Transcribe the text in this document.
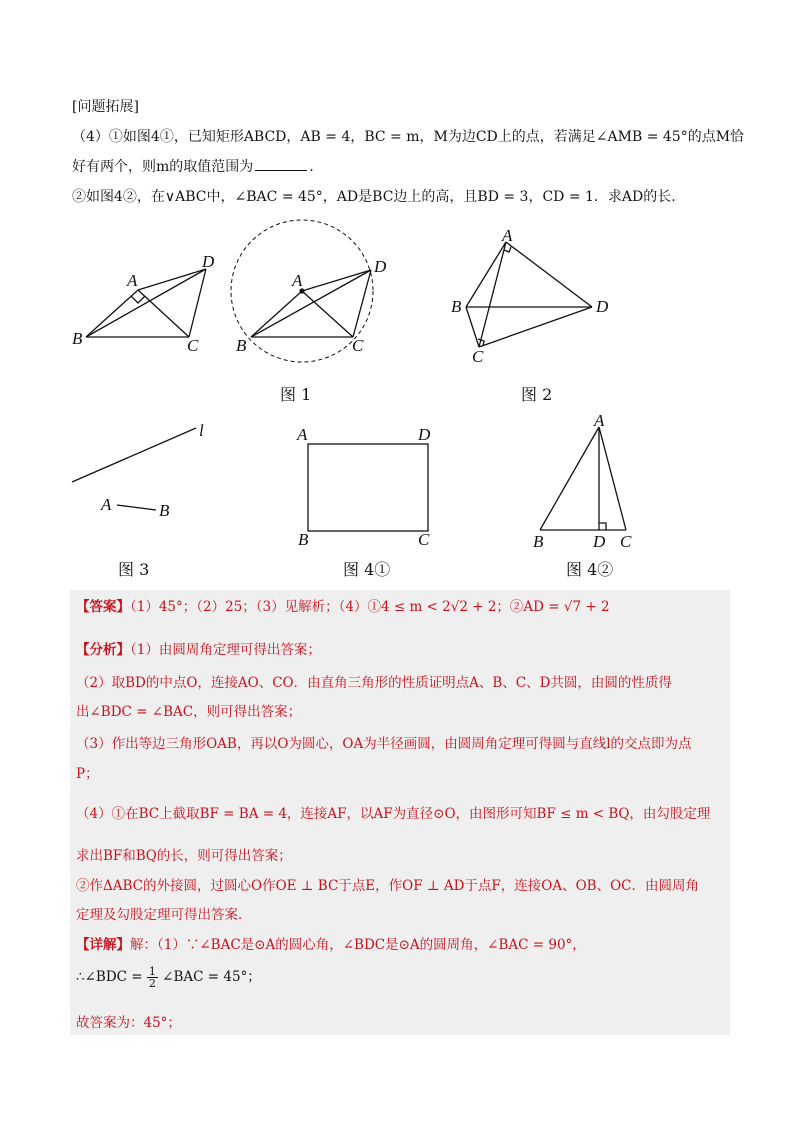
[问题拓展]
（4）①如图4①，已知矩形ABCD，AB = 4，BC = m，M为边CD上的点，若满足∠AMB = 45°的点M恰
好有两个，则m的取值范围为	.
②如图4②，在∨ABC中，∠BAC = 45°，AD是BC边上的高，且BD = 3，CD = 1．求AD的长.
A
B	C
D
A
B	C
D
A
B
C
D
图 1	图 2
l
A	B
A	D
B	C
A
B	D C
图 3	图 4①	图 4②
【答案】（1）45°；（2）25；（3）见解析；（4）①4 ≤ m < 2√2 + 2；②AD = √7 + 2
【分析】（1）由圆周角定理可得出答案；
（2）取BD的中点O，连接AO、CO．由直角三角形的性质证明点A、B、C、D共圆，由圆的性质得
出∠BDC = ∠BAC，则可得出答案；
（3）作出等边三角形OAB，再以O为圆心，OA为半径画圆，由圆周角定理可得圆与直线l的交点即为点
P；
（4）①在BC上截取BF = BA = 4，连接AF，以AF为直径⊙O，由图形可知BF ≤ m < BQ，由勾股定理
求出BF和BQ的长，则可得出答案；
②作ΔABC的外接圆，过圆心O作OE ⊥ BC于点E，作OF ⊥ AD于点F，连接OA、OB、OC．由圆周角
定理及勾股定理可得出答案．
【详解】解：（1）∵∠BAC是⊙A的圆心角，∠BDC是⊙A的圆周角，∠BAC = 90°，
∴∠BDC = $\frac{1}{2}$ ∠BAC = 45°；
故答案为：45°；
